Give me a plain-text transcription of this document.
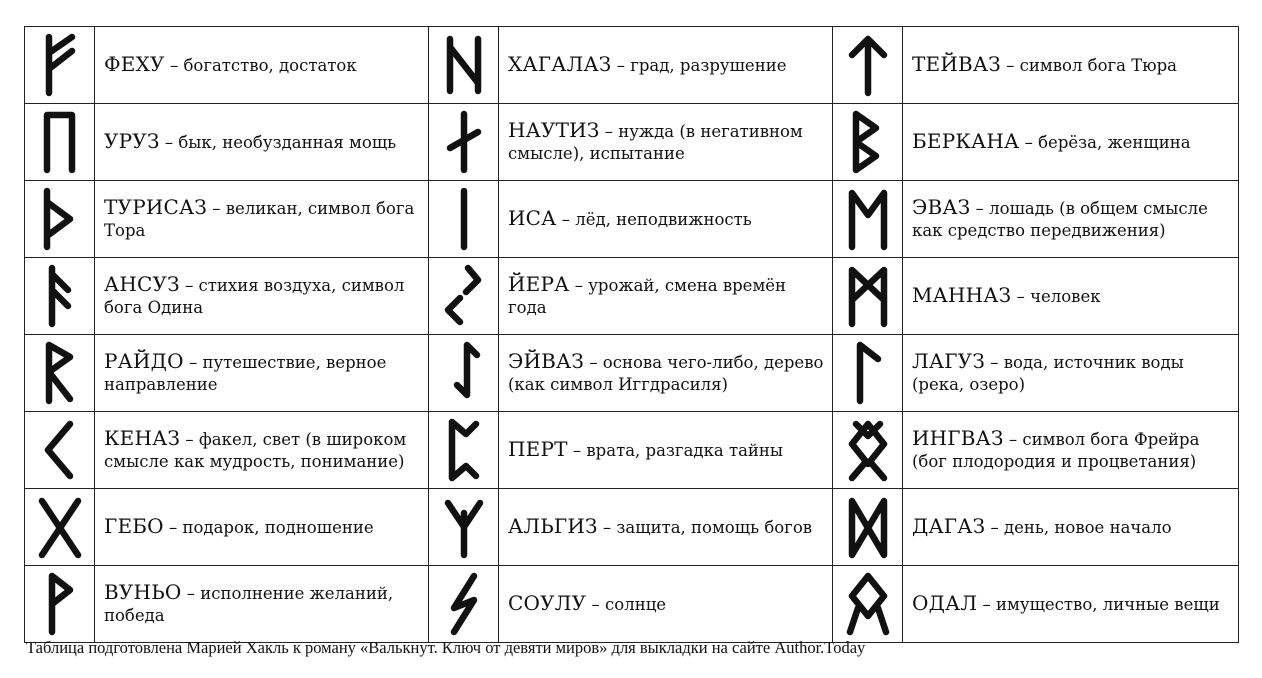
	ФЕХУ – богатство, достаток		ХАГАЛАЗ – град, разрушение		ТЕЙВАЗ – символ бога Тюра

	УРУЗ – бык, необузданная мощь		НАУТИЗ – нужда (в негативном смысле), испытание		БЕРКАНА – берёза, женщина

	ТУРИСАЗ – великан, символ бога Тора		ИСА – лёд, неподвижность		ЭВАЗ – лошадь (в общем смысле как средство передвижения)

	АНСУЗ – стихия воздуха, символ бога Одина		ЙЕРА – урожай, смена времён года		МАННАЗ – человек

	РАЙДО – путешествие, верное направление		ЭЙВАЗ – основа чего-либо, дерево (как символ Иггдрасиля)		ЛАГУЗ – вода, источник воды (река, озеро)

	КЕНАЗ – факел, свет (в широком смысле как мудрость, понимание)		ПЕРТ – врата, разгадка тайны		ИНГВАЗ – символ бога Фрейра (бог плодородия и процветания)

	ГЕБО – подарок, подношение		АЛЬГИЗ – защита, помощь богов		ДАГАЗ – день, новое начало

	ВУНЬО – исполнение желаний, победа		СОУЛУ – солнце		ОДАЛ – имущество, личные вещи
Таблица подготовлена Марией Хакль к роману «Валькнут. Ключ от девяти миров» для выкладки на сайте Author.Today
